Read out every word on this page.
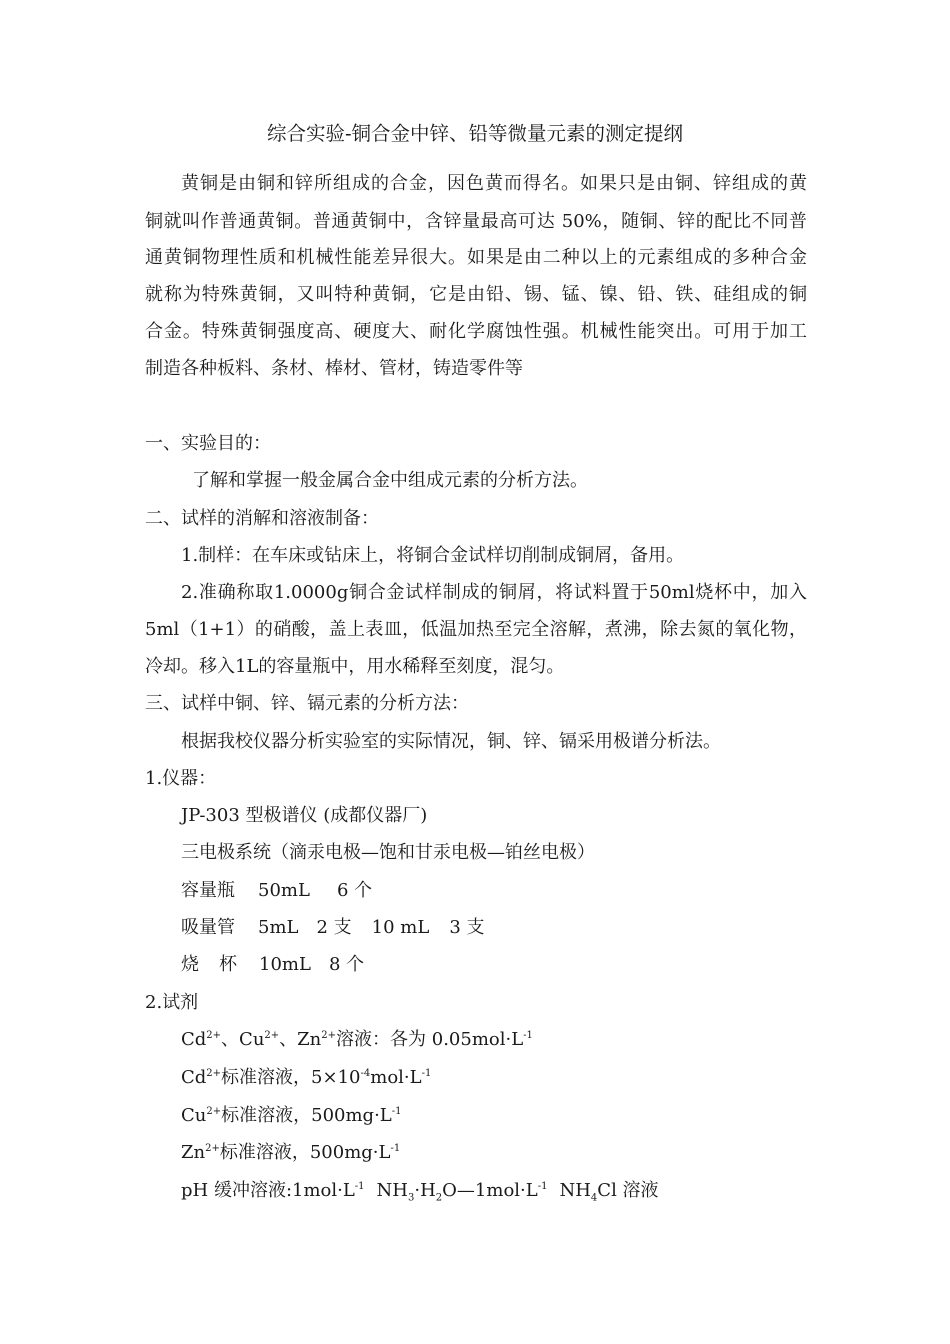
综合实验-铜合金中锌、铅等微量元素的测定提纲
黄铜是由铜和锌所组成的合金，因色黄而得名。如果只是由铜、锌组成的黄
铜就叫作普通黄铜。普通黄铜中，含锌量最高可达 50%，随铜、锌的配比不同普
通黄铜物理性质和机械性能差异很大。如果是由二种以上的元素组成的多种合金
就称为特殊黄铜，又叫特种黄铜，它是由铅、锡、锰、镍、铅、铁、硅组成的铜
合金。特殊黄铜强度高、硬度大、耐化学腐蚀性强。机械性能突出。可用于加工
制造各种板料、条材、棒材、管材，铸造零件等
一、实验目的：
了解和掌握一般金属合金中组成元素的分析方法。
二、试样的消解和溶液制备：
1.制样：在车床或钻床上，将铜合金试样切削制成铜屑，备用。
2.准确称取1.0000g铜合金试样制成的铜屑，将试料置于50ml烧杯中，加入
5ml（1+1）的硝酸，盖上表皿，低温加热至完全溶解，煮沸，除去氮的氧化物，
冷却。移入1L的容量瓶中，用水稀释至刻度，混匀。
三、试样中铜、锌、镉元素的分析方法：
根据我校仪器分析实验室的实际情况，铜、锌、镉采用极谱分析法。
1.仪器：
JP-303 型极谱仪 (成都仪器厂)
三电极系统（滴汞电极—饱和甘汞电极—铂丝电极）
容量瓶 50mL 6 个
吸量管 5mL 2 支 10 mL 3 支
烧 杯 10mL 8 个
2.试剂
$Cd^{2+}$、$Cu^{2+}$、$Zn^{2+}$溶液：各为 $0.05mol\cdot L^{-1}$
$Cd^{2+}$标准溶液，$5\times 10^{-4}mol\cdot L^{-1}$
$Cu^{2+}$标准溶液，$500mg\cdot L^{-1}$
$Zn^{2+}$标准溶液，$500mg\cdot L^{-1}$
pH 缓冲溶液$:1mol\cdot L^{-1}$ $NH_3\cdot H_2O—1mol\cdot L^{-1}$ $NH_4Cl$ 溶液
